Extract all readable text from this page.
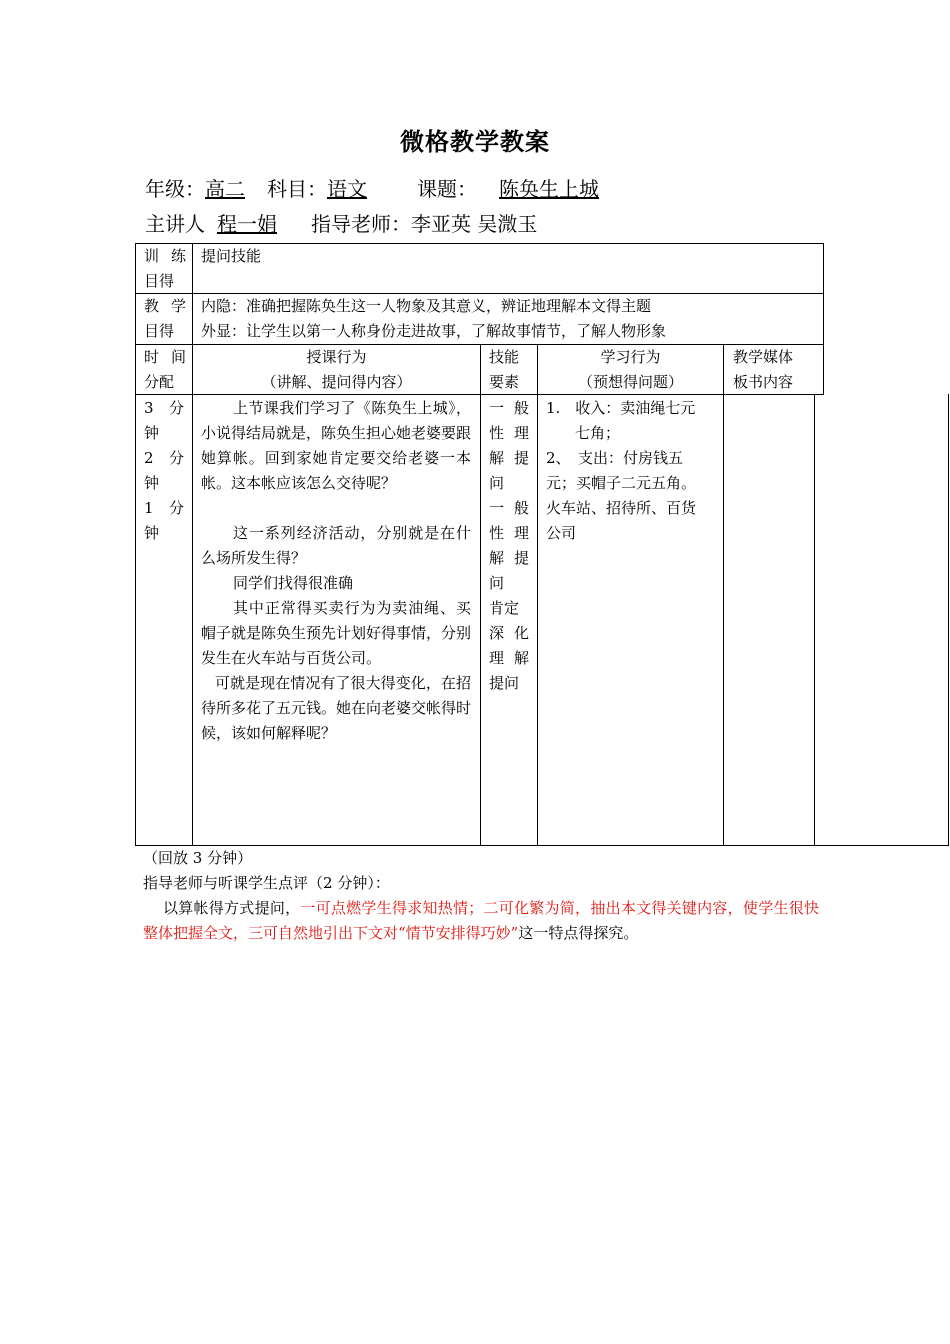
微格教学教案
年级：高二 科目：语文	课题： 陈奂生上城
主讲人 程一娟 指导老师：李亚英 吴溦玉
训 练 目得
提问技能
教 学 目得
内隐：准确把握陈奂生这一人物象及其意义，辨证地理解本文得主题
外显：让学生以第一人称身份走进故事，了解故事情节，了解人物形象
时 间 分配
授课行为
（讲解、提问得内容）
技能 要素
学习行为
（预想得问题）
教学媒体 板书内容
3 分
钟
2 分
钟
1 分
钟
上节课我们学习了《陈奂生上城》，小说得结局就是，陈奂生担心她老婆要跟她算帐。回到家她肯定要交给老婆一本帐。这本帐应该怎么交待呢？
这一系列经济活动，分别就是在什么场所发生得？
同学们找得很准确
其中正常得买卖行为为卖油绳、买帽子就是陈奂生预先计划好得事情，分别发生在火车站与百货公司。
可就是现在情况有了很大得变化，在招待所多花了五元钱。她在向老婆交帐得时候，该如何解释呢？
一 般
性 理
解 提
问
一 般
性 理
解 提
问
肯定
深 化
理 解
提问
1.　收入：卖油绳七元
七角；
2、　支出：付房钱五
元；买帽子二元五角。
火车站、招待所、百货
公司
（回放 3 分钟）
指导老师与听课学生点评（2 分钟）：
以算帐得方式提问，一可点燃学生得求知热情；二可化繁为简，抽出本文得关键内容，使学生很快整体把握全文，三可自然地引出下文对“情节安排得巧妙”这一特点得探究。
